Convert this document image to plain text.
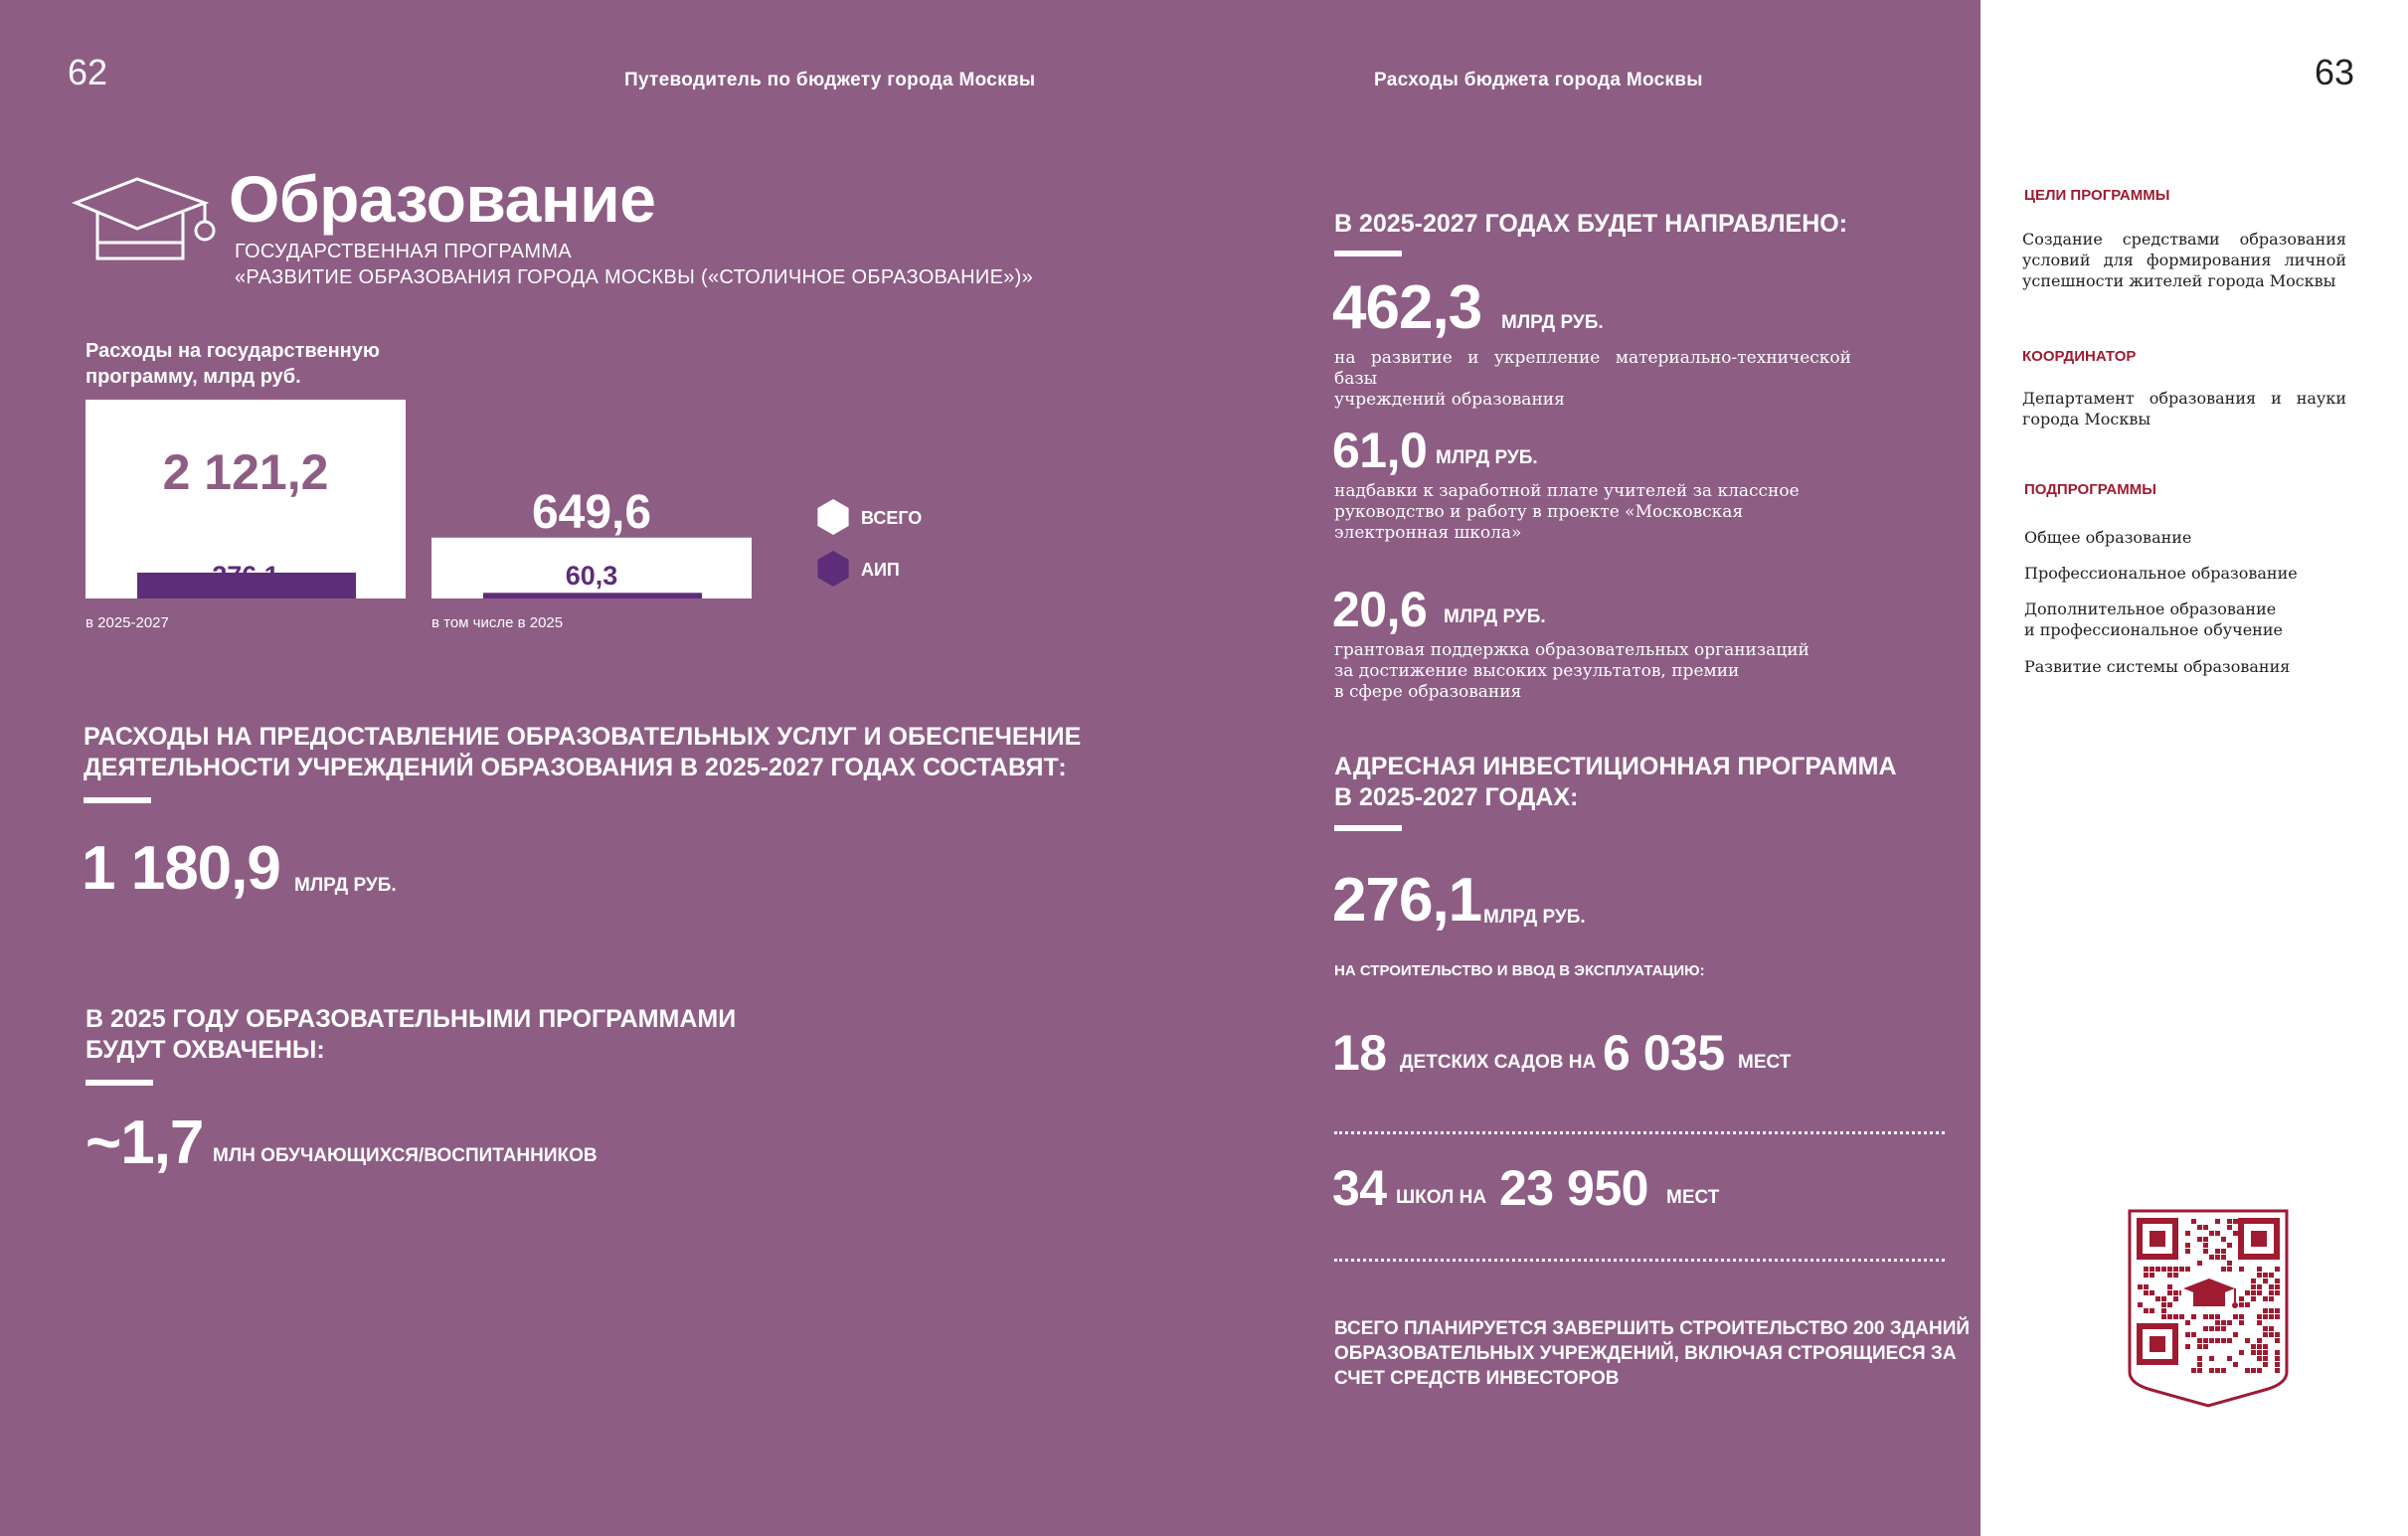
62	63
Путеводитель по бюджету города Москвы	Расходы бюджета города Москвы
Образование
ГОСУДАРСТВЕННАЯ ПРОГРАММА
«РАЗВИТИЕ ОБРАЗОВАНИЯ ГОРОДА МОСКВЫ («СТОЛИЧНОЕ ОБРАЗОВАНИЕ»)»
Расходы на государственную
программу, млрд руб.
2 121,2
276,1
в 2025-2027
649,6
60,3
в том числе в 2025
ВСЕГО
АИП
РАСХОДЫ НА ПРЕДОСТАВЛЕНИЕ ОБРАЗОВАТЕЛЬНЫХ УСЛУГ И ОБЕСПЕЧЕНИЕ
ДЕЯТЕЛЬНОСТИ УЧРЕЖДЕНИЙ ОБРАЗОВАНИЯ В 2025-2027 ГОДАХ СОСТАВЯТ:
1 180,9 МЛРД РУБ.
В 2025 ГОДУ ОБРАЗОВАТЕЛЬНЫМИ ПРОГРАММАМИ
БУДУТ ОХВАЧЕНЫ:
~1,7 МЛН ОБУЧАЮЩИХСЯ/ВОСПИТАННИКОВ
В 2025-2027 ГОДАХ БУДЕТ НАПРАВЛЕНО:
462,3 МЛРД РУБ.
на развитие и укрепление материально-технической базы
учреждений образования
61,0 МЛРД РУБ.
надбавки к заработной плате учителей за классное
руководство и работу в проекте «Московская
электронная школа»
20,6 МЛРД РУБ.
грантовая поддержка образовательных организаций
за достижение высоких результатов, премии
в сфере образования
АДРЕСНАЯ ИНВЕСТИЦИОННАЯ ПРОГРАММА
В 2025-2027 ГОДАХ:
276,1 МЛРД РУБ.
НА СТРОИТЕЛЬСТВО И ВВОД В ЭКСПЛУАТАЦИЮ:
18 ДЕТСКИХ САДОВ НА 6 035 МЕСТ
34 ШКОЛ НА 23 950 МЕСТ
ВСЕГО ПЛАНИРУЕТСЯ ЗАВЕРШИТЬ СТРОИТЕЛЬСТВО 200 ЗДАНИЙ
ОБРАЗОВАТЕЛЬНЫХ УЧРЕЖДЕНИЙ, ВКЛЮЧАЯ СТРОЯЩИЕСЯ ЗА
СЧЕТ СРЕДСТВ ИНВЕСТОРОВ
ЦЕЛИ ПРОГРАММЫ
Создание средствами образования условий для формирования личной успешности жителей города Москвы
КООРДИНАТОР
Департамент образования и науки города Москвы
ПОДПРОГРАММЫ
Общее образование
Профессиональное образование
Дополнительное образование и профессиональное обучение
Развитие системы образования
